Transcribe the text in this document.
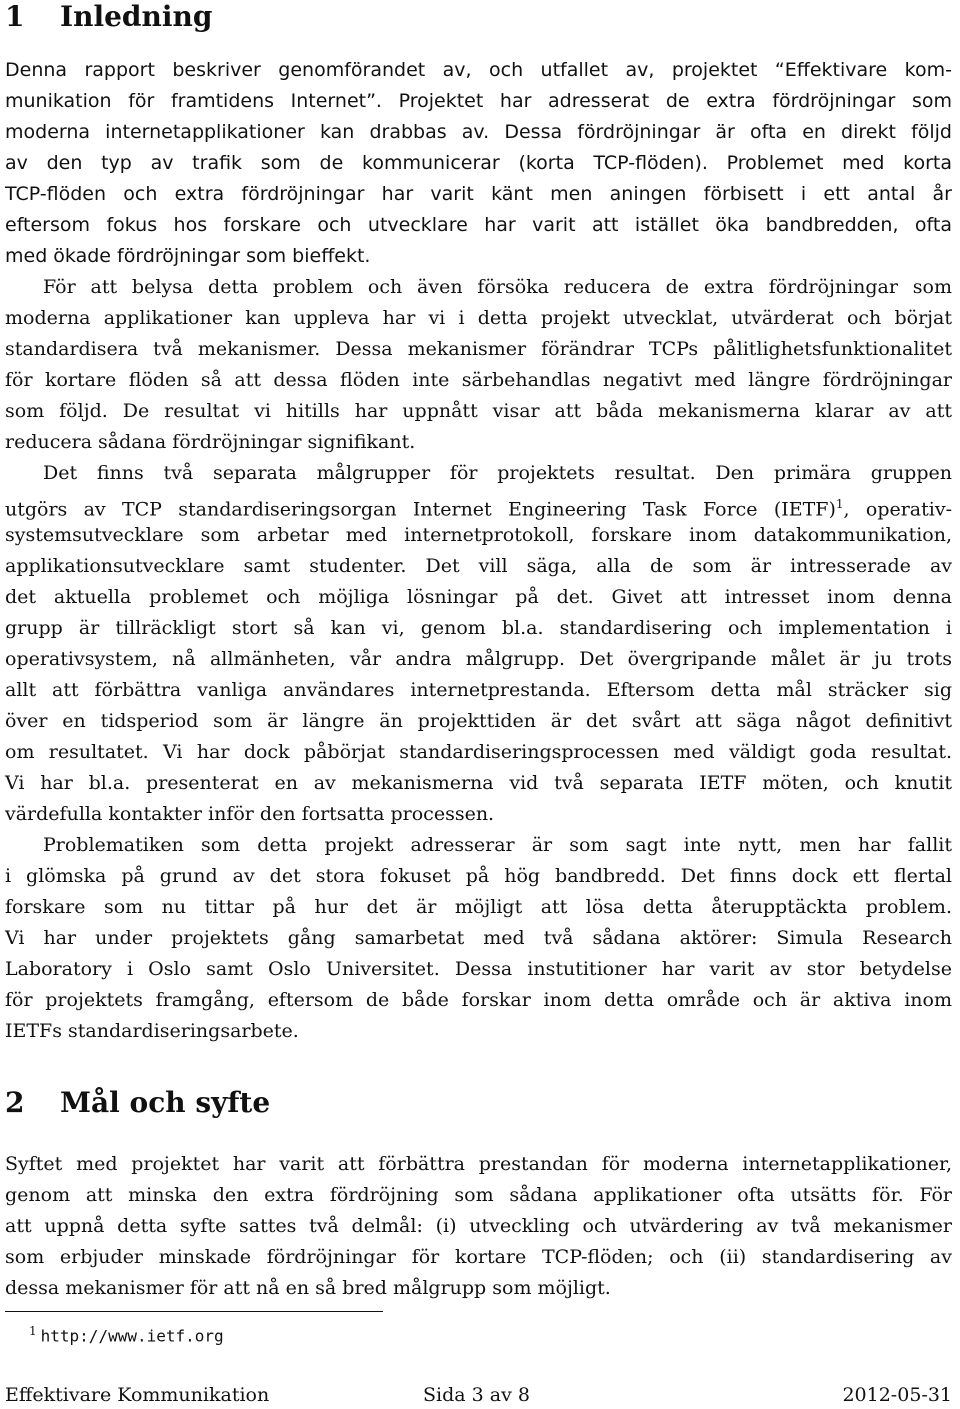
1 Inledning
Denna rapport beskriver genomförandet av, och utfallet av, projektet “Effektivare kom-
munikation för framtidens Internet”. Projektet har adresserat de extra fördröjningar som
moderna internetapplikationer kan drabbas av. Dessa fördröjningar är ofta en direkt följd
av den typ av trafik som de kommunicerar (korta TCP-flöden). Problemet med korta
TCP-flöden och extra fördröjningar har varit känt men aningen förbisett i ett antal år
eftersom fokus hos forskare och utvecklare har varit att istället öka bandbredden, ofta
med ökade fördröjningar som bieffekt.
För att belysa detta problem och även försöka reducera de extra fördröjningar som
moderna applikationer kan uppleva har vi i detta projekt utvecklat, utvärderat och börjat
standardisera två mekanismer. Dessa mekanismer förändrar TCPs pålitlighetsfunktionalitet
för kortare flöden så att dessa flöden inte särbehandlas negativt med längre fördröjningar
som följd. De resultat vi hitills har uppnått visar att båda mekanismerna klarar av att
reducera sådana fördröjningar signifikant.
Det finns två separata målgrupper för projektets resultat. Den primära gruppen
utgörs av TCP standardiseringsorgan Internet Engineering Task Force (IETF)$^1$, operativ-
systemsutvecklare som arbetar med internetprotokoll, forskare inom datakommunikation,
applikationsutvecklare samt studenter. Det vill säga, alla de som är intresserade av
det aktuella problemet och möjliga lösningar på det. Givet att intresset inom denna
grupp är tillräckligt stort så kan vi, genom bl.a. standardisering och implementation i
operativsystem, nå allmänheten, vår andra målgrupp. Det övergripande målet är ju trots
allt att förbättra vanliga användares internetprestanda. Eftersom detta mål sträcker sig
över en tidsperiod som är längre än projekttiden är det svårt att säga något definitivt
om resultatet. Vi har dock påbörjat standardiseringsprocessen med väldigt goda resultat.
Vi har bl.a. presenterat en av mekanismerna vid två separata IETF möten, och knutit
värdefulla kontakter inför den fortsatta processen.
Problematiken som detta projekt adresserar är som sagt inte nytt, men har fallit
i glömska på grund av det stora fokuset på hög bandbredd. Det finns dock ett flertal
forskare som nu tittar på hur det är möjligt att lösa detta återupptäckta problem.
Vi har under projektets gång samarbetat med två sådana aktörer: Simula Research
Laboratory i Oslo samt Oslo Universitet. Dessa instutitioner har varit av stor betydelse
för projektets framgång, eftersom de både forskar inom detta område och är aktiva inom
IETFs standardiseringsarbete.
2 Mål och syfte
Syftet med projektet har varit att förbättra prestandan för moderna internetapplikationer,
genom att minska den extra fördröjning som sådana applikationer ofta utsätts för. För
att uppnå detta syfte sattes två delmål: (i) utveckling och utvärdering av två mekanismer
som erbjuder minskade fördröjningar för kortare TCP-flöden; och (ii) standardisering av
dessa mekanismer för att nå en så bred målgrupp som möjligt.
$^1$ http://www.ietf.org
Effektivare Kommunikation	Sida 3 av 8	2012-05-31
